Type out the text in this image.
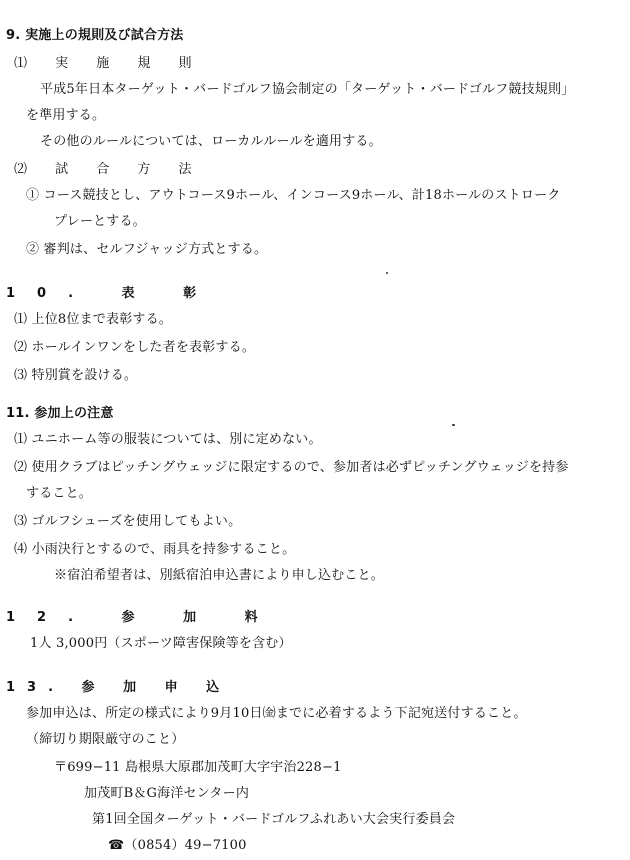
9. 実施上の規則及び試合方法
⑴ 実 施 規 則
平成5年日本ターゲット・バードゴルフ協会制定の「ターゲット・バードゴルフ競技規則」
を準用する。
その他のルールについては、ローカルルールを適用する。
⑵ 試 合 方 法
① コース競技とし、アウトコース9ホール、インコース9ホール、計18ホールのストローク
プレーとする。
② 審判は、セルフジャッジ方式とする。
10. 表 彰
⑴ 上位8位まで表彰する。
⑵ ホールインワンをした者を表彰する。
⑶ 特別賞を設ける。
11. 参加上の注意
⑴ ユニホーム等の服装については、別に定めない。
⑵ 使用クラブはピッチングウェッジに限定するので、参加者は必ずピッチングウェッジを持参
すること。
⑶ ゴルフシューズを使用してもよい。
⑷ 小雨決行とするので、雨具を持参すること。
※宿泊希望者は、別紙宿泊申込書により申し込むこと。
12. 参 加 料
1人 3,000円（スポーツ障害保険等を含む）
13. 参 加 申 込
参加申込は、所定の様式により9月10日㈮までに必着するよう下記宛送付すること。
（締切り期限厳守のこと）
〒699−11 島根県大原郡加茂町大字宇治228−1
加茂町B＆G海洋センター内
第1回全国ターゲット・バードゴルフふれあい大会実行委員会
☎（0854）49−7100
